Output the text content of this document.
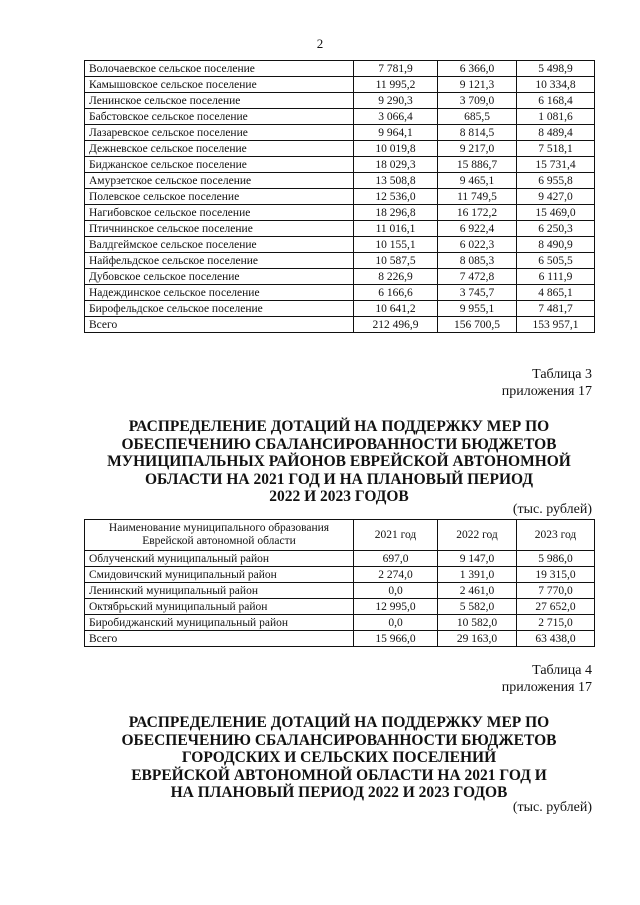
2
Волочаевское сельское поселение	7 781,9	6 366,0	5 498,9
Камышовское сельское поселение	11 995,2	9 121,3	10 334,8
Ленинское сельское поселение	9 290,3	3 709,0	6 168,4
Бабстовское сельское поселение	3 066,4	685,5	1 081,6
Лазаревское сельское поселение	9 964,1	8 814,5	8 489,4
Дежневское сельское поселение	10 019,8	9 217,0	7 518,1
Биджанское сельское поселение	18 029,3	15 886,7	15 731,4
Амурзетское сельское поселение	13 508,8	9 465,1	6 955,8
Полевское сельское поселение	12 536,0	11 749,5	9 427,0
Нагибовское сельское поселение	18 296,8	16 172,2	15 469,0
Птичнинское сельское поселение	11 016,1	6 922,4	6 250,3
Валдгеймское сельское поселение	10 155,1	6 022,3	8 490,9
Найфельдское сельское поселение	10 587,5	8 085,3	6 505,5
Дубовское сельское поселение	8 226,9	7 472,8	6 111,9
Надеждинское сельское поселение	6 166,6	3 745,7	4 865,1
Бирофельдское сельское поселение	10 641,2	9 955,1	7 481,7
Всего	212 496,9	156 700,5	153 957,1
Таблица 3
приложения 17
РАСПРЕДЕЛЕНИЕ ДОТАЦИЙ НА ПОДДЕРЖКУ МЕР ПО
ОБЕСПЕЧЕНИЮ СБАЛАНСИРОВАННОСТИ БЮДЖЕТОВ
МУНИЦИПАЛЬНЫХ РАЙОНОВ ЕВРЕЙСКОЙ АВТОНОМНОЙ
ОБЛАСТИ НА 2021 ГОД И НА ПЛАНОВЫЙ ПЕРИОД
2022 И 2023 ГОДОВ
(тыс. рублей)
Наименование муниципального образования Еврейской автономной области	2021 год	2022 год	2023 год
Облученский муниципальный район	697,0	9 147,0	5 986,0
Смидовичский муниципальный район	2 274,0	1 391,0	19 315,0
Ленинский муниципальный район	0,0	2 461,0	7 770,0
Октябрьский муниципальный район	12 995,0	5 582,0	27 652,0
Биробиджанский муниципальный район	0,0	10 582,0	2 715,0
Всего	15 966,0	29 163,0	63 438,0
Таблица 4
приложения 17
РАСПРЕДЕЛЕНИЕ ДОТАЦИЙ НА ПОДДЕРЖКУ МЕР ПО
ОБЕСПЕЧЕНИЮ СБАЛАНСИРОВАННОСТИ БЮДЖЕТОВ
ГОРОДСКИХ И СЕЛЬСКИХ ПОСЕЛЕНИЙ
ЕВРЕЙСКОЙ АВТОНОМНОЙ ОБЛАСТИ НА 2021 ГОД И
НА ПЛАНОВЫЙ ПЕРИОД 2022 И 2023 ГОДОВ
(тыс. рублей)
